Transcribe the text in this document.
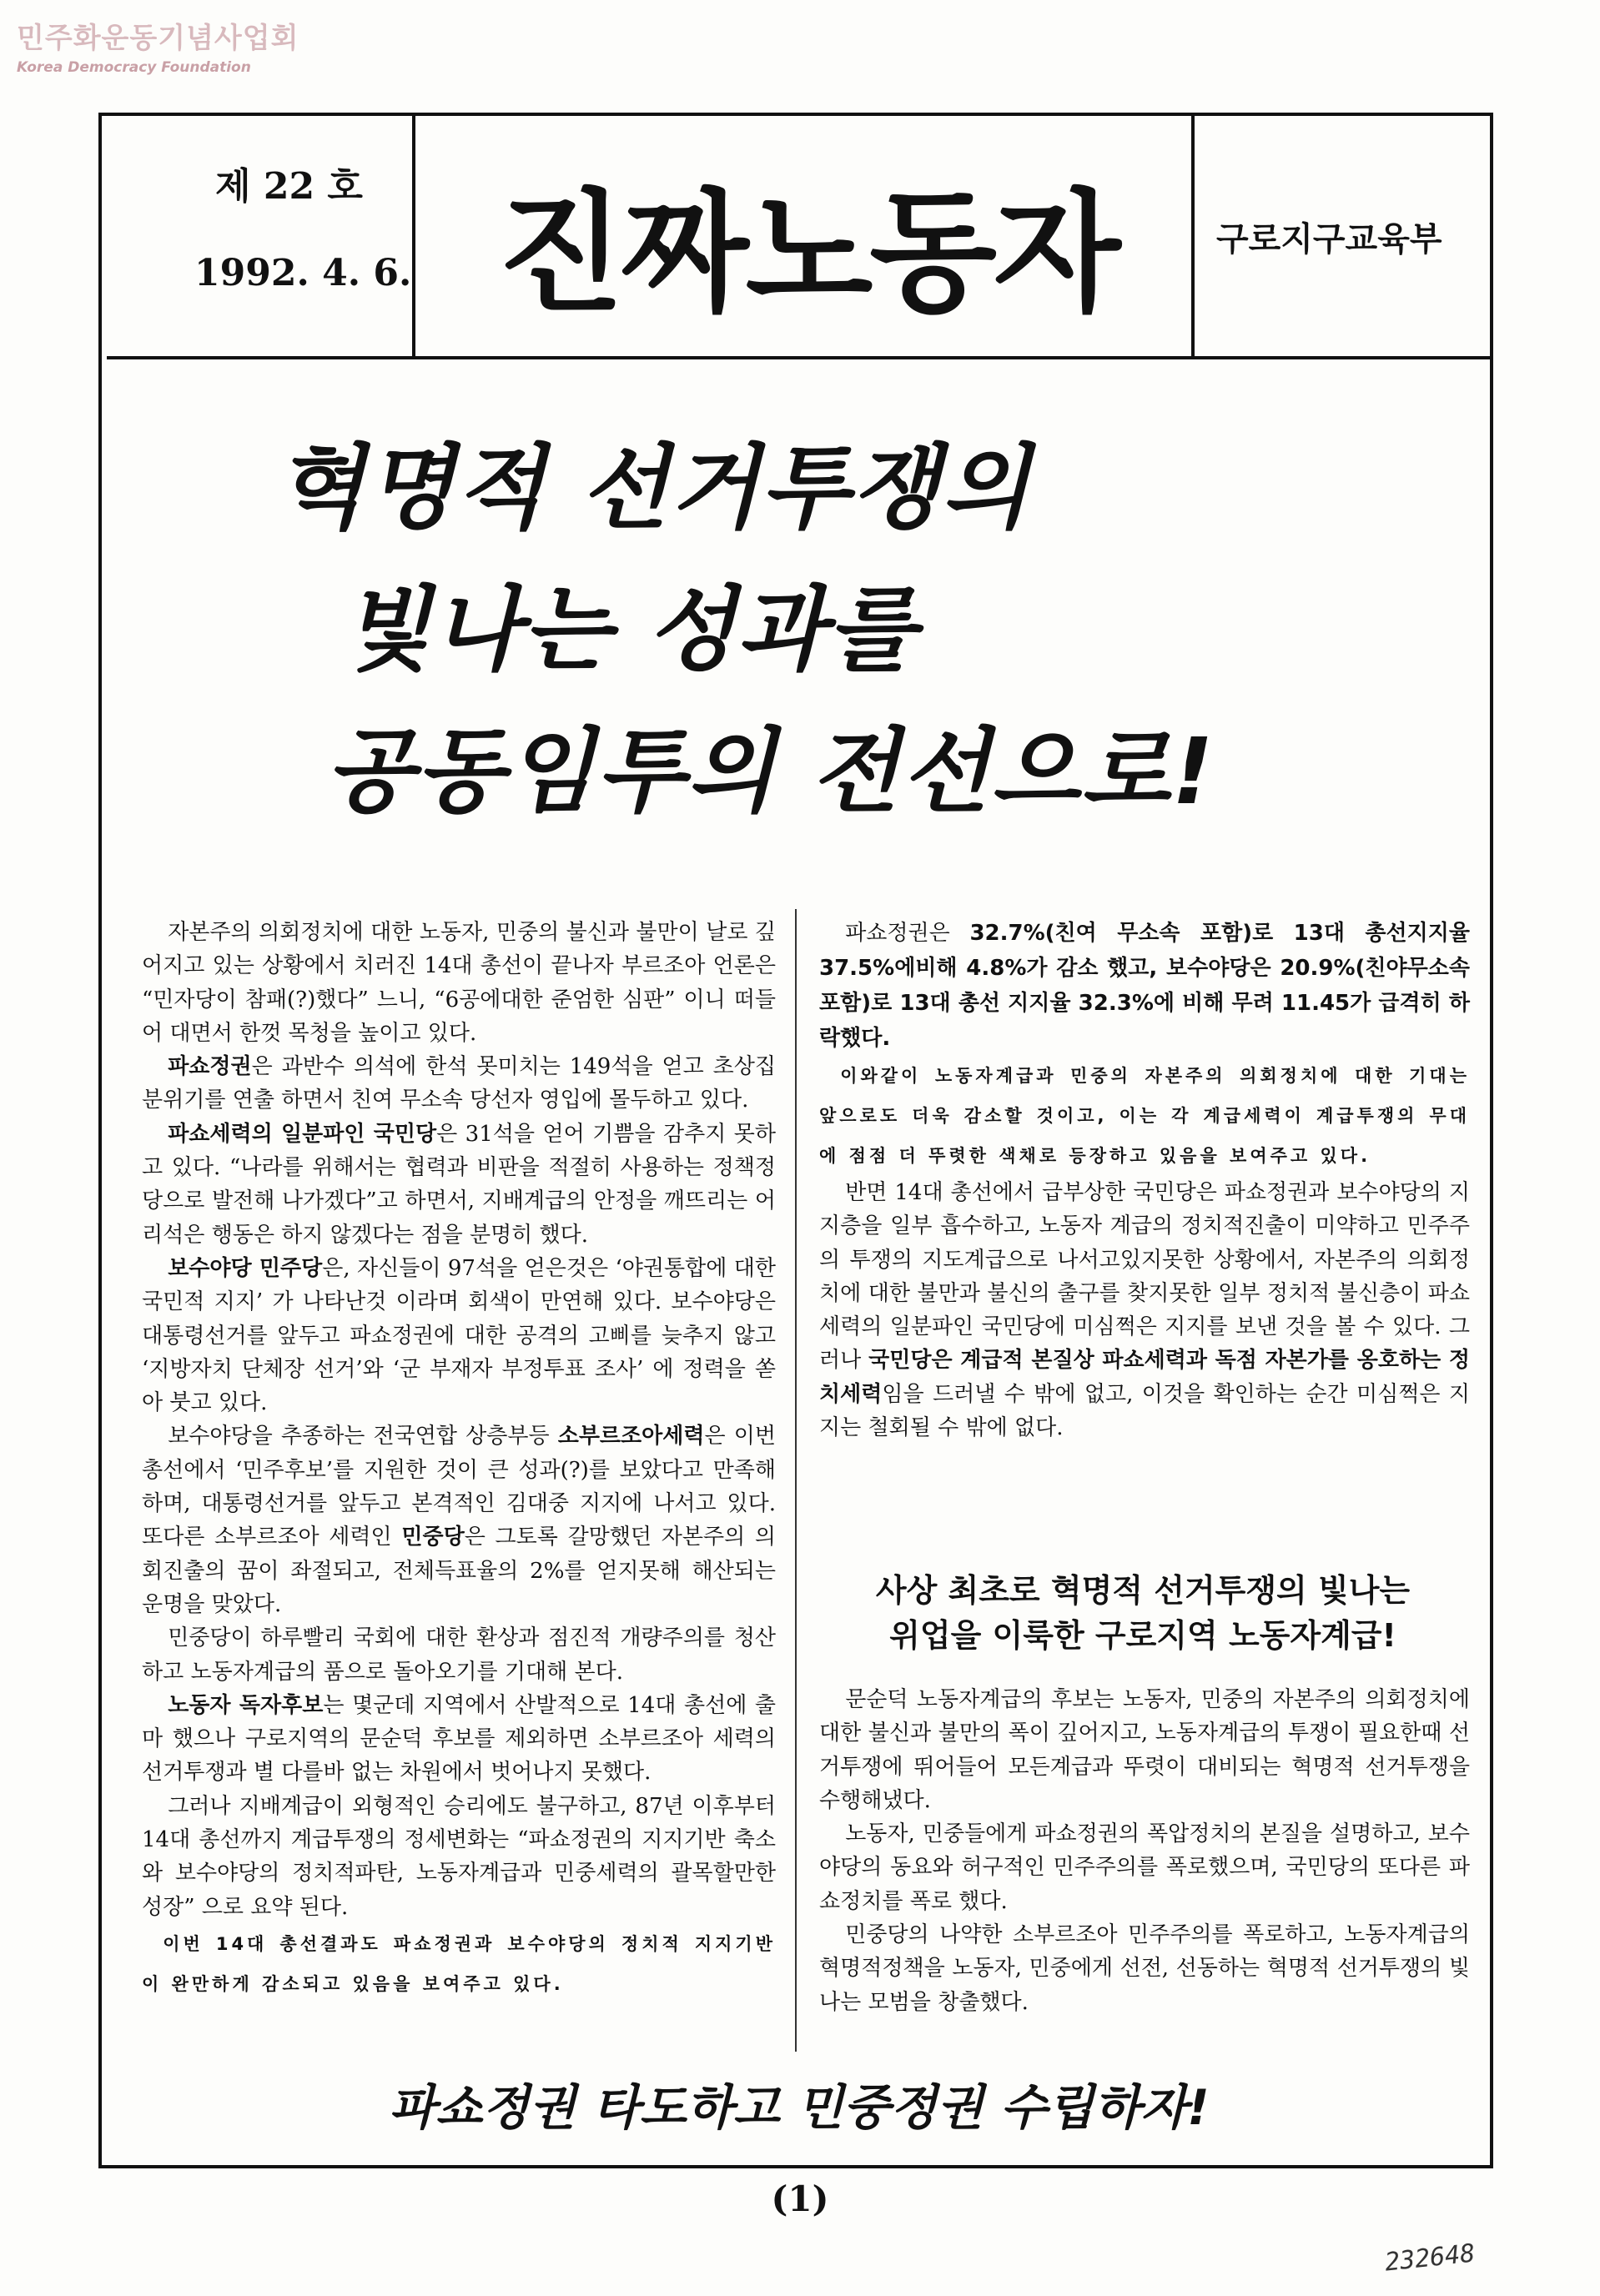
민주화운동기념사업회
Korea Democracy Foundation
제 22 호
1992. 4. 6. 진짜노동자	구로지구교육부
혁명적 선거투쟁의
빛나는 성과를
공동임투의 전선으로!

자본주의 의회정치에 대한 노동자, 민중의 불신과 불만이 날로 깊어지고 있는 상황에서 치러진 14대 총선이 끝나자 부르조아 언론은 “민자당이 참패(?)했다” 느니, “6공에대한 준엄한 심판” 이니 떠들어 대면서 한껏 목청을 높이고 있다.

파쇼정권은 과반수 의석에 한석 못미치는 149석을 얻고 초상집 분위기를 연출 하면서 친여 무소속 당선자 영입에 몰두하고 있다.

파쇼세력의 일분파인 국민당은 31석을 얻어 기쁨을 감추지 못하고 있다. “나라를 위해서는 협력과 비판을 적절히 사용하는 정책정당으로 발전해 나가겠다”고 하면서, 지배계급의 안정을 깨뜨리는 어리석은 행동은 하지 않겠다는 점을 분명히 했다.

보수야당 민주당은, 자신들이 97석을 얻은것은 ‘야권통합에 대한 국민적 지지’ 가 나타난것 이라며 회색이 만연해 있다. 보수야당은 대통령선거를 앞두고 파쇼정권에 대한 공격의 고삐를 늦추지 않고 ‘지방자치 단체장 선거’와 ‘군 부재자 부정투표 조사’ 에 정력을 쏟아 붓고 있다.

보수야당을 추종하는 전국연합 상층부등 소부르조아세력은 이번 총선에서 ‘민주후보’를 지원한 것이 큰 성과(?)를 보았다고 만족해 하며, 대통령선거를 앞두고 본격적인 김대중 지지에 나서고 있다. 또다른 소부르조아 세력인 민중당은 그토록 갈망했던 자본주의 의회진출의 꿈이 좌절되고, 전체득표율의 2%를 얻지못해 해산되는 운명을 맞았다.

민중당이 하루빨리 국회에 대한 환상과 점진적 개량주의를 청산하고 노동자계급의 품으로 돌아오기를 기대해 본다.

노동자 독자후보는 몇군데 지역에서 산발적으로 14대 총선에 출마 했으나 구로지역의 문순덕 후보를 제외하면 소부르조아 세력의 선거투쟁과 별 다를바 없는 차원에서 벗어나지 못했다.

그러나 지배계급이 외형적인 승리에도 불구하고, 87년 이후부터 14대 총선까지 계급투쟁의 정세변화는 “파쇼정권의 지지기반 축소와 보수야당의 정치적파탄, 노동자계급과 민중세력의 괄목할만한 성장” 으로 요약 된다.

이번 14대 총선결과도 파쇼정권과 보수야당의 정치적 지지기반이 완만하게 감소되고 있음을 보여주고 있다.

파쇼정권은 32.7%(친여 무소속 포함)로 13대 총선지지율 37.5%에비해 4.8%가 감소 했고, 보수야당은 20.9%(친야무소속 포함)로 13대 총선 지지율 32.3%에 비해 무려 11.45가 급격히 하락했다.

이와같이 노동자계급과 민중의 자본주의 의회정치에 대한 기대는 앞으로도 더욱 감소할 것이고, 이는 각 계급세력이 계급투쟁의 무대에 점점 더 뚜렷한 색채로 등장하고 있음을 보여주고 있다.

반면 14대 총선에서 급부상한 국민당은 파쇼정권과 보수야당의 지지층을 일부 흡수하고, 노동자 계급의 정치적진출이 미약하고 민주주의 투쟁의 지도계급으로 나서고있지못한 상황에서, 자본주의 의회정치에 대한 불만과 불신의 출구를 찾지못한 일부 정치적 불신층이 파쇼세력의 일분파인 국민당에 미심쩍은 지지를 보낸 것을 볼 수 있다. 그러나 국민당은 계급적 본질상 파쇼세력과 독점 자본가를 옹호하는 정치세력임을 드러낼 수 밖에 없고, 이것을 확인하는 순간 미심쩍은 지지는 철회될 수 밖에 없다.

사상 최초로 혁명적 선거투쟁의 빛나는
위업을 이룩한 구로지역 노동자계급!

문순덕 노동자계급의 후보는 노동자, 민중의 자본주의 의회정치에 대한 불신과 불만의 폭이 깊어지고, 노동자계급의 투쟁이 필요한때 선거투쟁에 뛰어들어 모든계급과 뚜렷이 대비되는 혁명적 선거투쟁을 수행해냈다.

노동자, 민중들에게 파쇼정권의 폭압정치의 본질을 설명하고, 보수야당의 동요와 허구적인 민주주의를 폭로했으며, 국민당의 또다른 파쇼정치를 폭로 했다.

민중당의 나약한 소부르조아 민주주의를 폭로하고, 노동자계급의 혁명적정책을 노동자, 민중에게 선전, 선동하는 혁명적 선거투쟁의 빛나는 모범을 창출했다.

파쇼정권 타도하고 민중정권 수립하자!
(1)
232648
